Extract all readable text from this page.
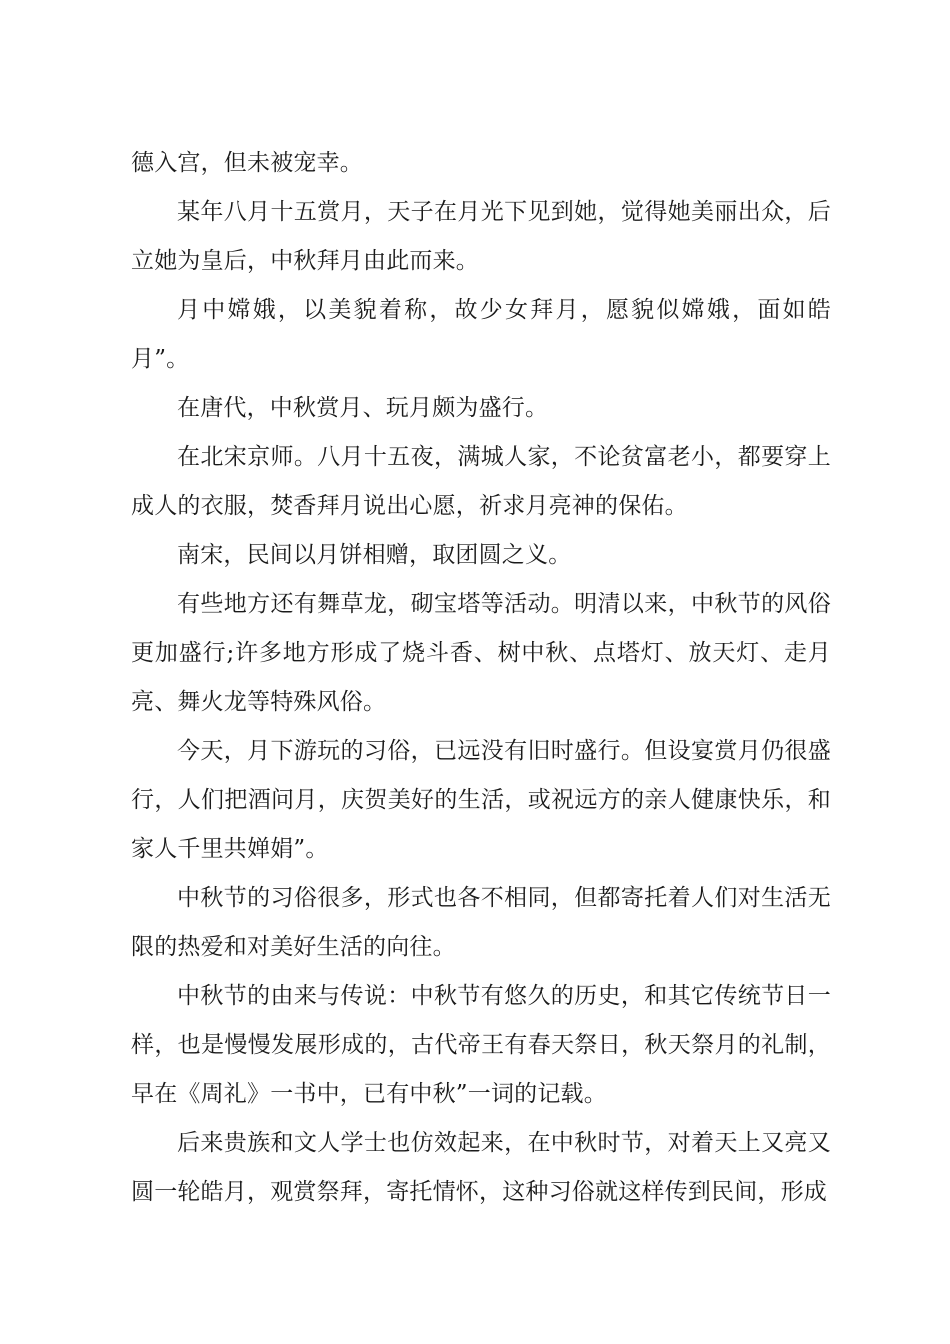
德入宫，但未被宠幸。

某年八月十五赏月，天子在月光下见到她，觉得她美丽出众，后立她为皇后，中秋拜月由此而来。

月中嫦娥，以美貌着称，故少女拜月，愿貌似嫦娥，面如皓月”。

在唐代，中秋赏月、玩月颇为盛行。

在北宋京师。八月十五夜，满城人家，不论贫富老小，都要穿上成人的衣服，焚香拜月说出心愿，祈求月亮神的保佑。

南宋，民间以月饼相赠，取团圆之义。

有些地方还有舞草龙，砌宝塔等活动。明清以来，中秋节的风俗更加盛行;许多地方形成了烧斗香、树中秋、点塔灯、放天灯、走月亮、舞火龙等特殊风俗。

今天，月下游玩的习俗，已远没有旧时盛行。但设宴赏月仍很盛行，人们把酒问月，庆贺美好的生活，或祝远方的亲人健康快乐，和家人千里共婵娟”。

中秋节的习俗很多，形式也各不相同，但都寄托着人们对生活无限的热爱和对美好生活的向往。

中秋节的由来与传说：中秋节有悠久的历史，和其它传统节日一样，也是慢慢发展形成的，古代帝王有春天祭日，秋天祭月的礼制，早在《周礼》一书中，已有中秋”一词的记载。

后来贵族和文人学士也仿效起来，在中秋时节，对着天上又亮又圆一轮皓月，观赏祭拜，寄托情怀，这种习俗就这样传到民间，形成
